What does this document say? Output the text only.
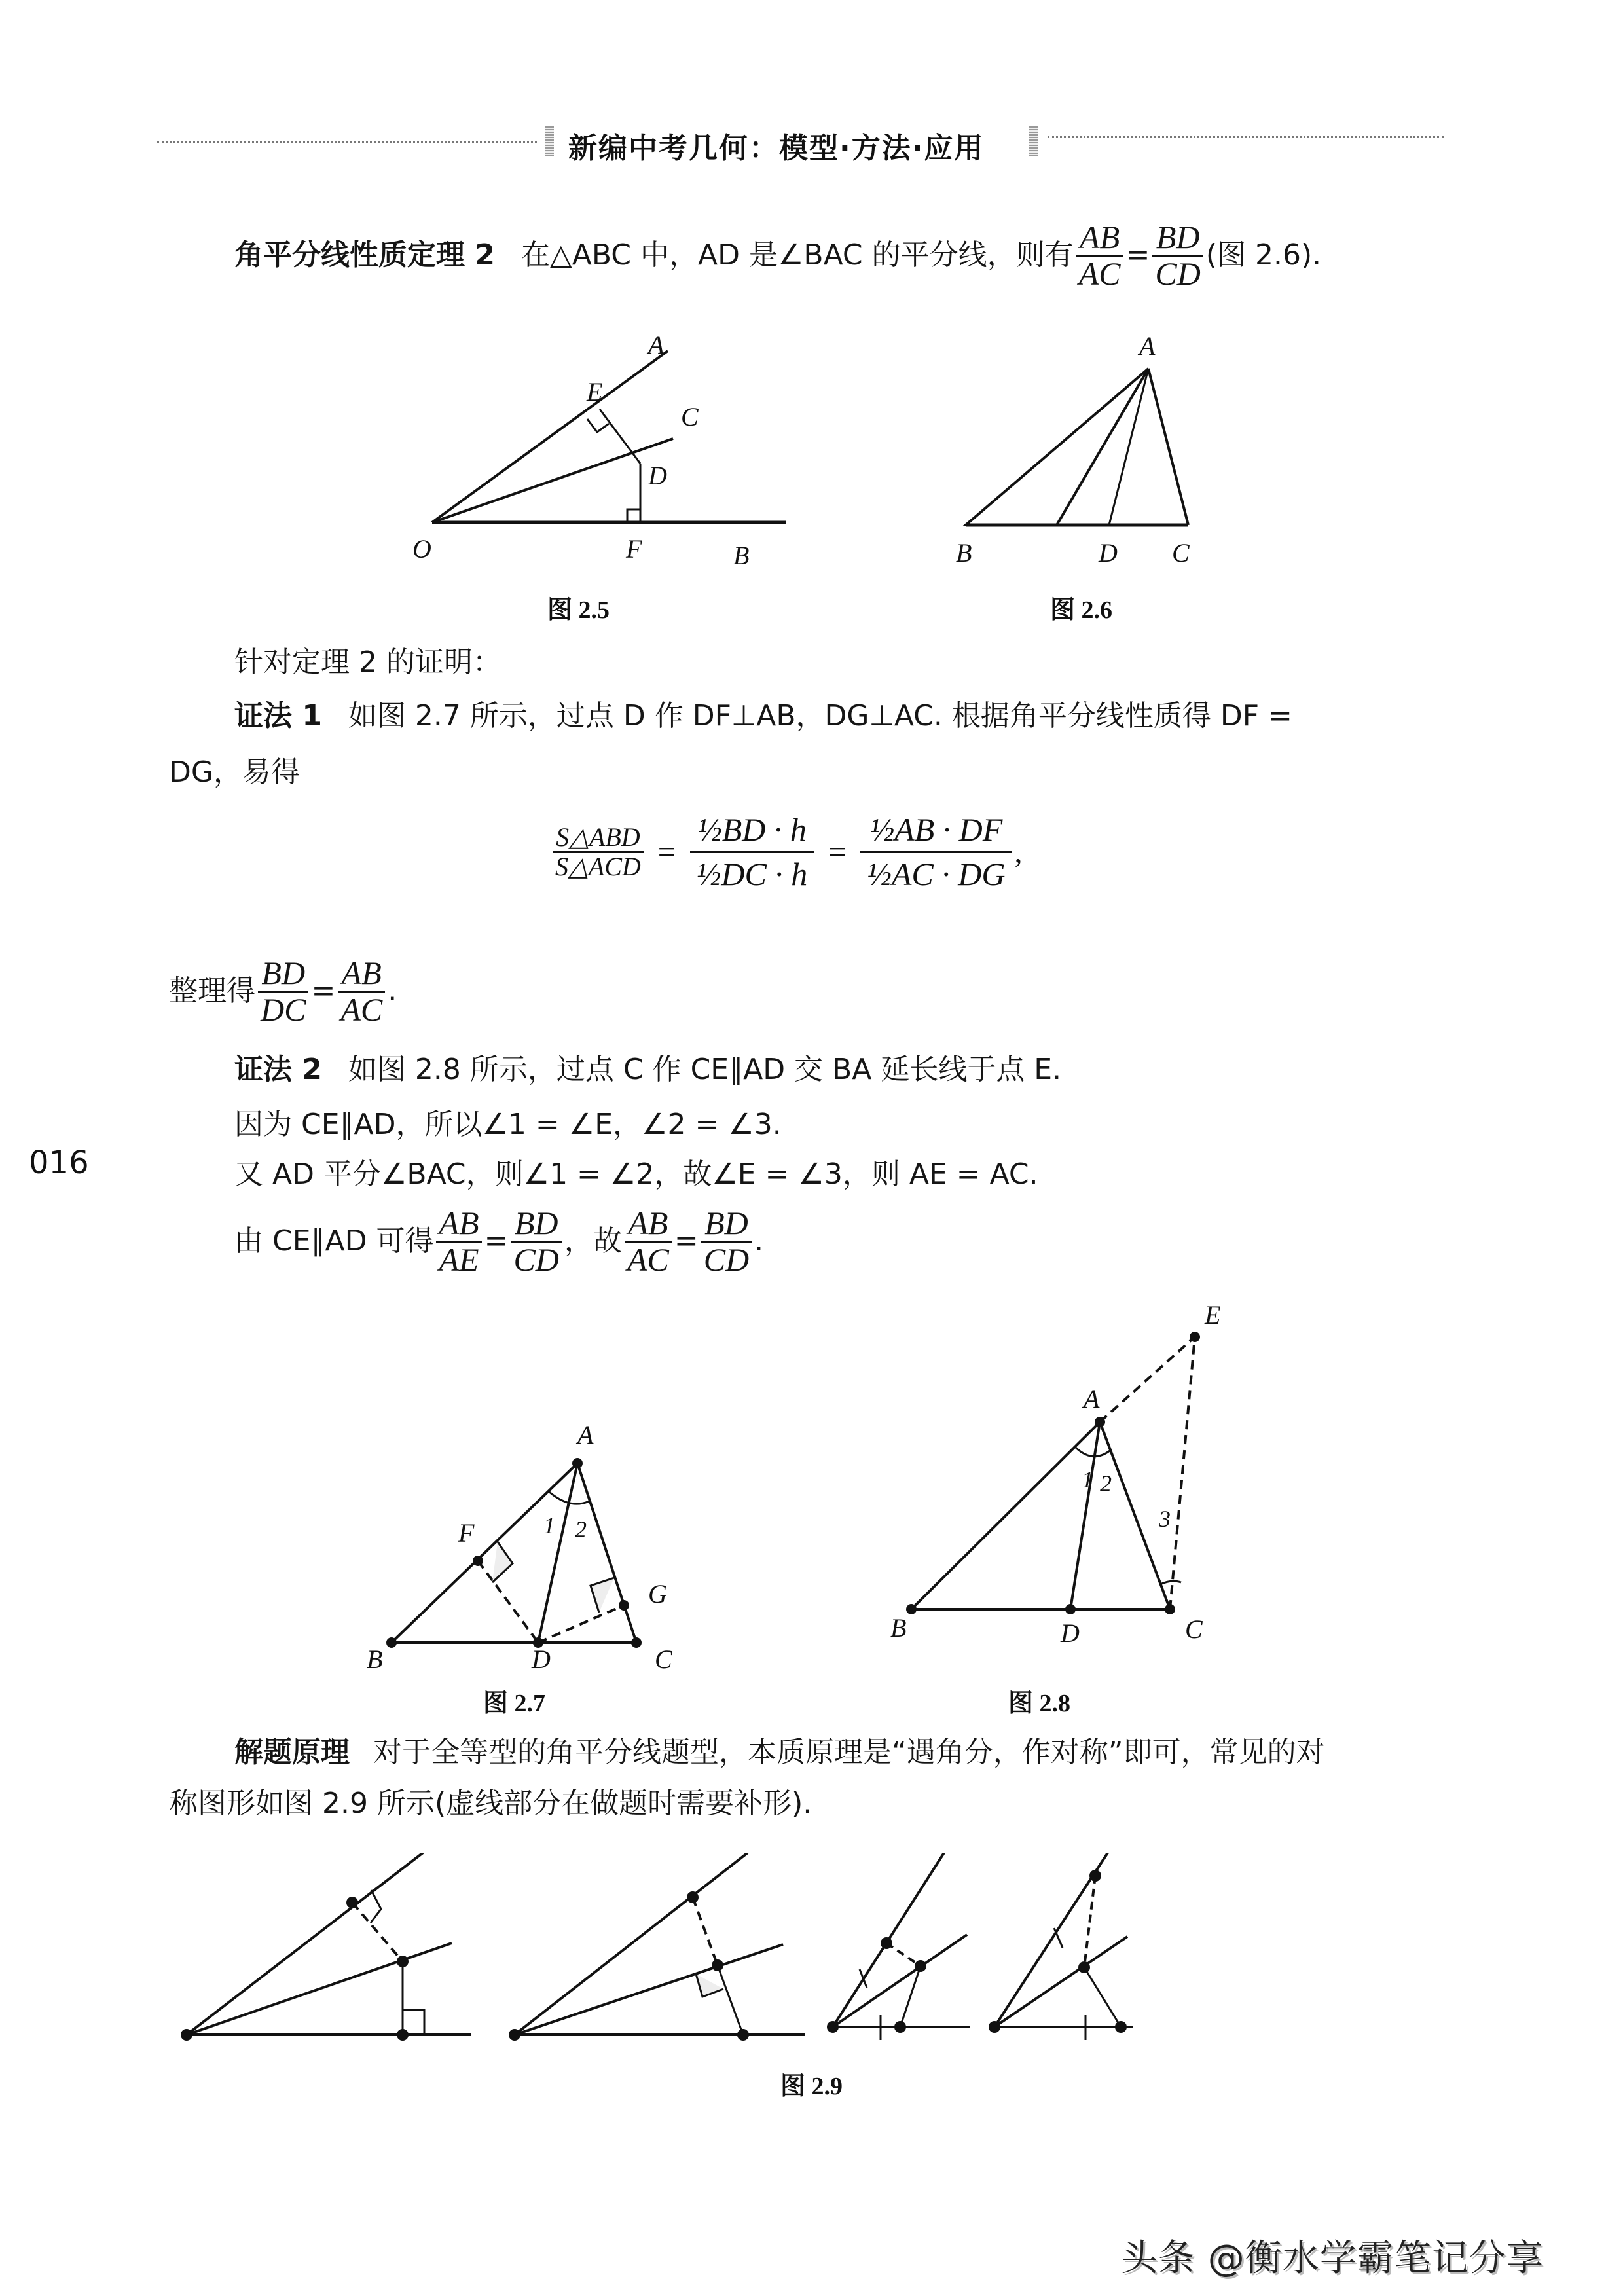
新编中考几何：模型·方法·应用
016
角平分线性质定理 2 在△ABC 中，AD 是∠BAC 的平分线，则有 $\frac{AB}{AC} = \frac{BD}{CD}$ (图 2.6).
A
E
C
D
O	F	B
图 2.5
A
B	D C
图 2.6
针对定理 2 的证明：
证法 1 如图 2.7 所示，过点 D 作 DF⊥AB，DG⊥AC. 根据角平分线性质得 DF =
DG，易得
$\frac{\text{S△ABD}}{\text{S△ACD}} = \frac{\text{½BD · h}}{\text{½DC · h}} = \frac{\text{½AB · DF}}{\text{½AC · DG}}$ ,
整理得 $\frac{BD}{DC} = \frac{AB}{AC}$ .
证法 2 如图 2.8 所示，过点 C 作 CE∥AD 交 BA 延长线于点 E.
因为 CE∥AD，所以∠1 = ∠E，∠2 = ∠3.
又 AD 平分∠BAC，则∠1 = ∠2，故∠E = ∠3，则 AE = AC.
由 CE∥AD 可得 $\frac{AB}{AE} = \frac{BD}{CD}$ ，故 $\frac{AB}{AC} = \frac{BD}{CD}$ .
A
F
G
B	D	C
1 2
图 2.7
E
A
B	D	C
1 2
3
图 2.8
解题原理 对于全等型的角平分线题型，本质原理是“遇角分，作对称”即可，常见的对
称图形如图 2.9 所示(虚线部分在做题时需要补形).
图 2.9
头条 @衡水学霸笔记分享
